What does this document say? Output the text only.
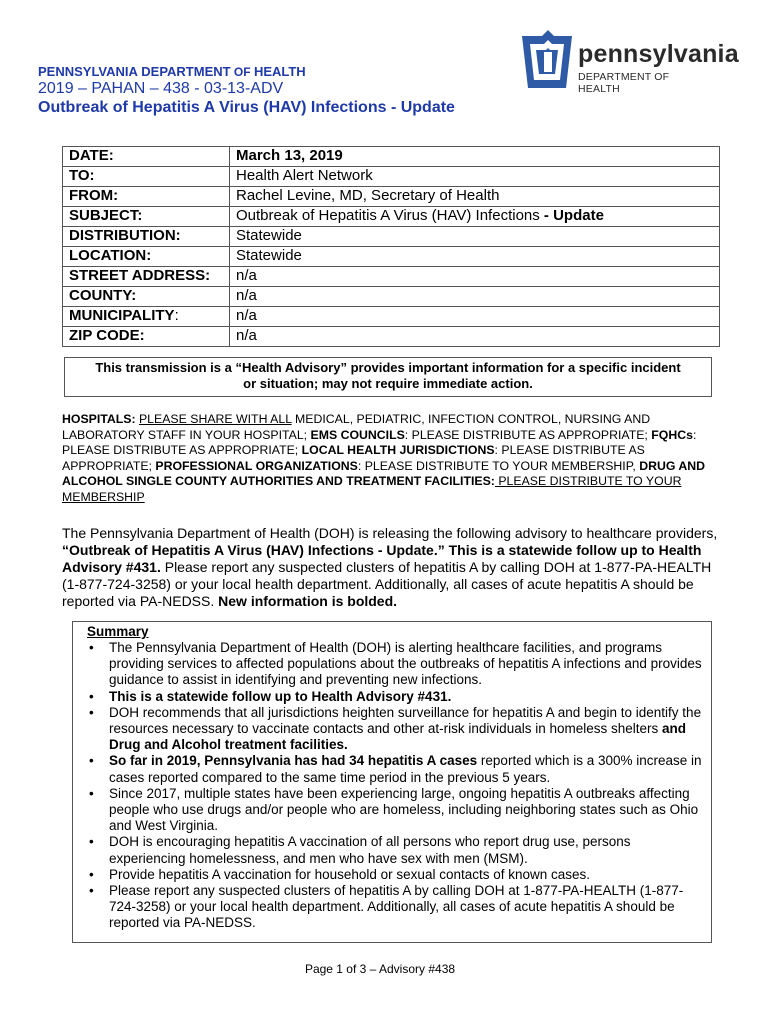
pennsylvania
DEPARTMENT OF HEALTH
PENNSYLVANIA DEPARTMENT OF HEALTH
2019 – PAHAN – 438 - 03-13-ADV
Outbreak of Hepatitis A Virus (HAV) Infections - Update
DATE:	March 13, 2019
TO:	Health Alert Network
FROM:	Rachel Levine, MD, Secretary of Health
SUBJECT:	Outbreak of Hepatitis A Virus (HAV) Infections - Update
DISTRIBUTION:	Statewide
LOCATION:	Statewide
STREET ADDRESS:	n/a
COUNTY:	n/a
MUNICIPALITY:	n/a
ZIP CODE:	n/a
This transmission is a “Health Advisory” provides important information for a specific incident
or situation; may not require immediate action.
HOSPITALS: PLEASE SHARE WITH ALL MEDICAL, PEDIATRIC, INFECTION CONTROL, NURSING AND LABORATORY STAFF IN YOUR HOSPITAL; EMS COUNCILS: PLEASE DISTRIBUTE AS APPROPRIATE; FQHCs: PLEASE DISTRIBUTE AS APPROPRIATE; LOCAL HEALTH JURISDICTIONS: PLEASE DISTRIBUTE AS APPROPRIATE; PROFESSIONAL ORGANIZATIONS: PLEASE DISTRIBUTE TO YOUR MEMBERSHIP, DRUG AND ALCOHOL SINGLE COUNTY AUTHORITIES AND TREATMENT FACILITIES: PLEASE DISTRIBUTE TO YOUR MEMBERSHIP
The Pennsylvania Department of Health (DOH) is releasing the following advisory to healthcare providers, “Outbreak of Hepatitis A Virus (HAV) Infections - Update.” This is a statewide follow up to Health Advisory #431. Please report any suspected clusters of hepatitis A by calling DOH at 1-877-PA-HEALTH (1-877-724-3258) or your local health department. Additionally, all cases of acute hepatitis A should be reported via PA-NEDSS. New information is bolded.
Summary
• The Pennsylvania Department of Health (DOH) is alerting healthcare facilities, and programs providing services to affected populations about the outbreaks of hepatitis A infections and provides guidance to assist in identifying and preventing new infections.
• This is a statewide follow up to Health Advisory #431.
• DOH recommends that all jurisdictions heighten surveillance for hepatitis A and begin to identify the resources necessary to vaccinate contacts and other at-risk individuals in homeless shelters and Drug and Alcohol treatment facilities.
• So far in 2019, Pennsylvania has had 34 hepatitis A cases reported which is a 300% increase in cases reported compared to the same time period in the previous 5 years.
• Since 2017, multiple states have been experiencing large, ongoing hepatitis A outbreaks affecting people who use drugs and/or people who are homeless, including neighboring states such as Ohio and West Virginia.
• DOH is encouraging hepatitis A vaccination of all persons who report drug use, persons experiencing homelessness, and men who have sex with men (MSM).
• Provide hepatitis A vaccination for household or sexual contacts of known cases.
• Please report any suspected clusters of hepatitis A by calling DOH at 1-877-PA-HEALTH (1-877-724-3258) or your local health department. Additionally, all cases of acute hepatitis A should be reported via PA-NEDSS.
Page 1 of 3 – Advisory #438
